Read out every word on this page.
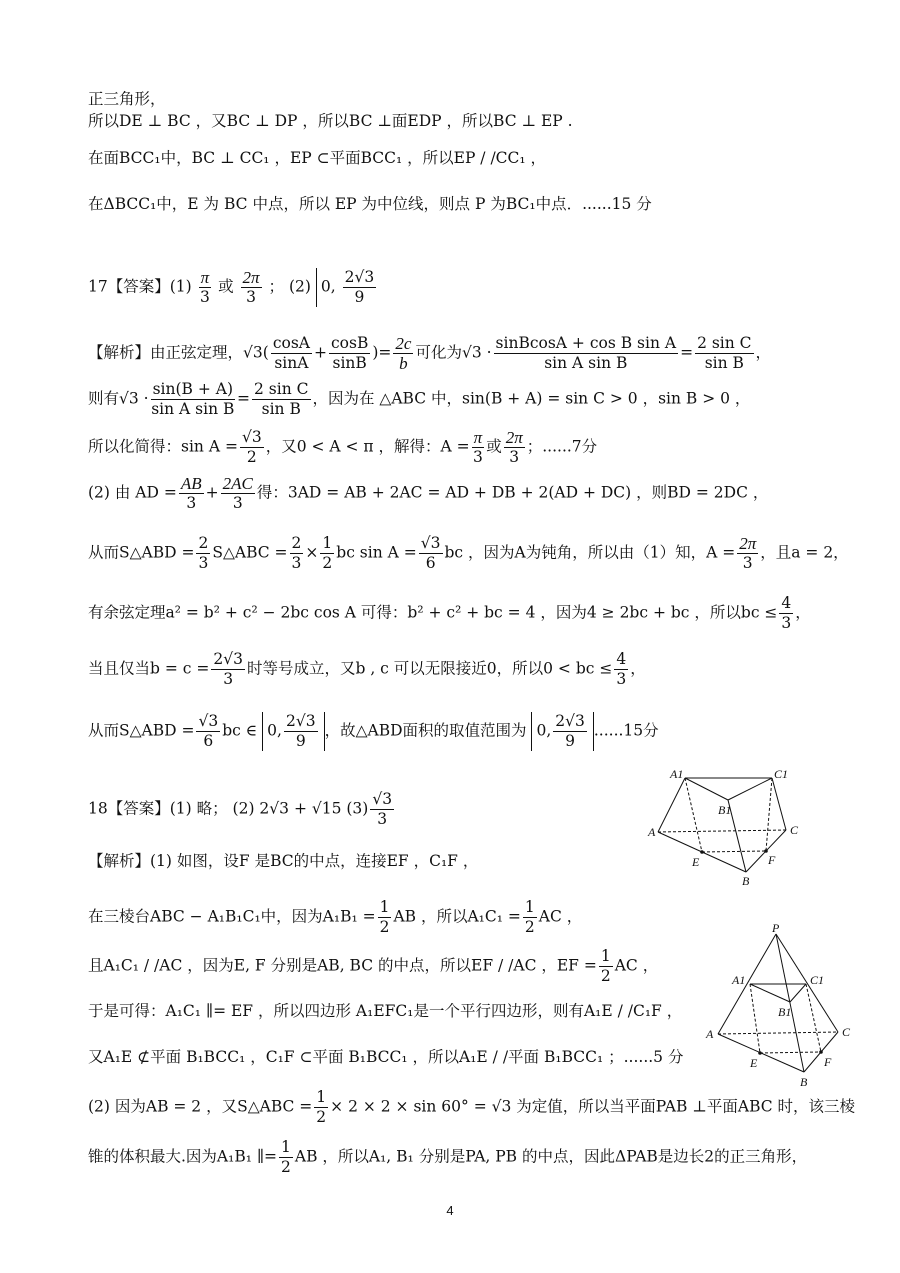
正三角形，
所以DE ⊥ BC ，又BC ⊥ DP ，所以BC ⊥面EDP ，所以BC ⊥ EP .
在面BCC₁中，BC ⊥ CC₁ ，EP ⊂平面BCC₁ ，所以EP / /CC₁ ，
在ΔBCC₁中，E 为 BC 中点，所以 EP 为中位线，则点 P 为BC₁中点．......15 分
17【答案】$(1) \frac{\pi}{3}$ 或 $\frac{2\pi}{3}$ ； (2) 0, $\frac{2√3}{9}$
【解析】由正弦定理，$√3( \frac{\cos A}{\sin A} + \frac{\cos B}{\sin B}$ )= $\frac{2c}{b}$ 可化为$√3 \cdot \frac{\text{sinBcosA + cos B sin A}}{\text{sin A sin B}} = \frac{\text{2 sin C}}{\text{sin B}}$ ，
则有$√3 \cdot \frac{\sin(B + A)}{\text{sin A sin B}} = \frac{\text{2 sin C}}{\text{sin B}}$ ，因为在 △ABC 中，sin(B + A) = sin C > 0 ，sin B > 0 ，
所以化简得：$\sin A = \frac{√3}{2}$ ，又0 < A < π ，解得：$A = \frac{\pi}{3}$ 或 $\frac{2\pi}{3}$ ；......7分
(2) 由 AD = $\frac{AB}{3} + \frac{2AC}{3}$ 得：3AD = AB + 2AC = AD + DB + 2(AD + DC) ，则BD = 2DC ，
从而S△ABD = $\frac{2}{3}$ S△ABC = $\frac{2}{3} \times \frac{1}{2}$ bc $\sin A = \frac{√3}{6}$ bc ，因为A为钝角，所以由（1）知，$A = \frac{2\pi}{3}$ ，且a = 2，
有余弦定理a² = b² + c² − 2bc cos A 可得：b² + c² + bc = 4 ，因为4 ≥ 2bc + bc ，所以bc ≤ $\frac{4}{3}$ ，
当且仅当$b = c = \frac{2√3}{3}$ 时等号成立，又b , c 可以无限接近0，所以0 < bc ≤ $\frac{4}{3}$ ，
从而S△ABD = $\frac{√3}{6}$ bc ∈ 0, $\frac{2√3}{9}$ ，故△ABD面积的取值范围为 0, $\frac{2√3}{9} ......15$分
18【答案】(1) 略； (2) 2√3 + √15 $(3) \frac{√3}{3}$
【解析】(1) 如图，设F 是BC的中点，连接EF ，C₁F ，
在三棱台ABC − A₁B₁C₁中，因为$A_1B_1 = \frac{1}{2}$ AB ，所以$A_1C_1 = \frac{1}{2}$ AC ，
且A₁C₁ / /AC ，因为E, F 分别是AB, BC 的中点，所以EF / /AC ，EF = $\frac{1}{2}$ AC ，
于是可得：A₁C₁ ∥= EF ，所以四边形 A₁EFC₁是一个平行四边形，则有A₁E / /C₁F ，
又A₁E ⊄平面 B₁BCC₁ ，C₁F ⊂平面 B₁BCC₁ ，所以A₁E / /平面 B₁BCC₁ ；......5 分
(2) 因为AB = 2 ，又S△ABC = $\frac{1}{2} \times 2 \times 2 \times \sin 60^\circ = √3$ 为定值，所以当平面PAB ⊥平面ABC 时，该三棱
锥的体积最大.因为A₁B₁ ∥= $\frac{1}{2}$ AB ，所以A₁, B₁ 分别是PA, PB 的中点，因此ΔPAB是边长2的正三角形，
A1	C1
B1
A	C
E	F
B
P
A1	C1
B1
A	C
E	F
B
4
